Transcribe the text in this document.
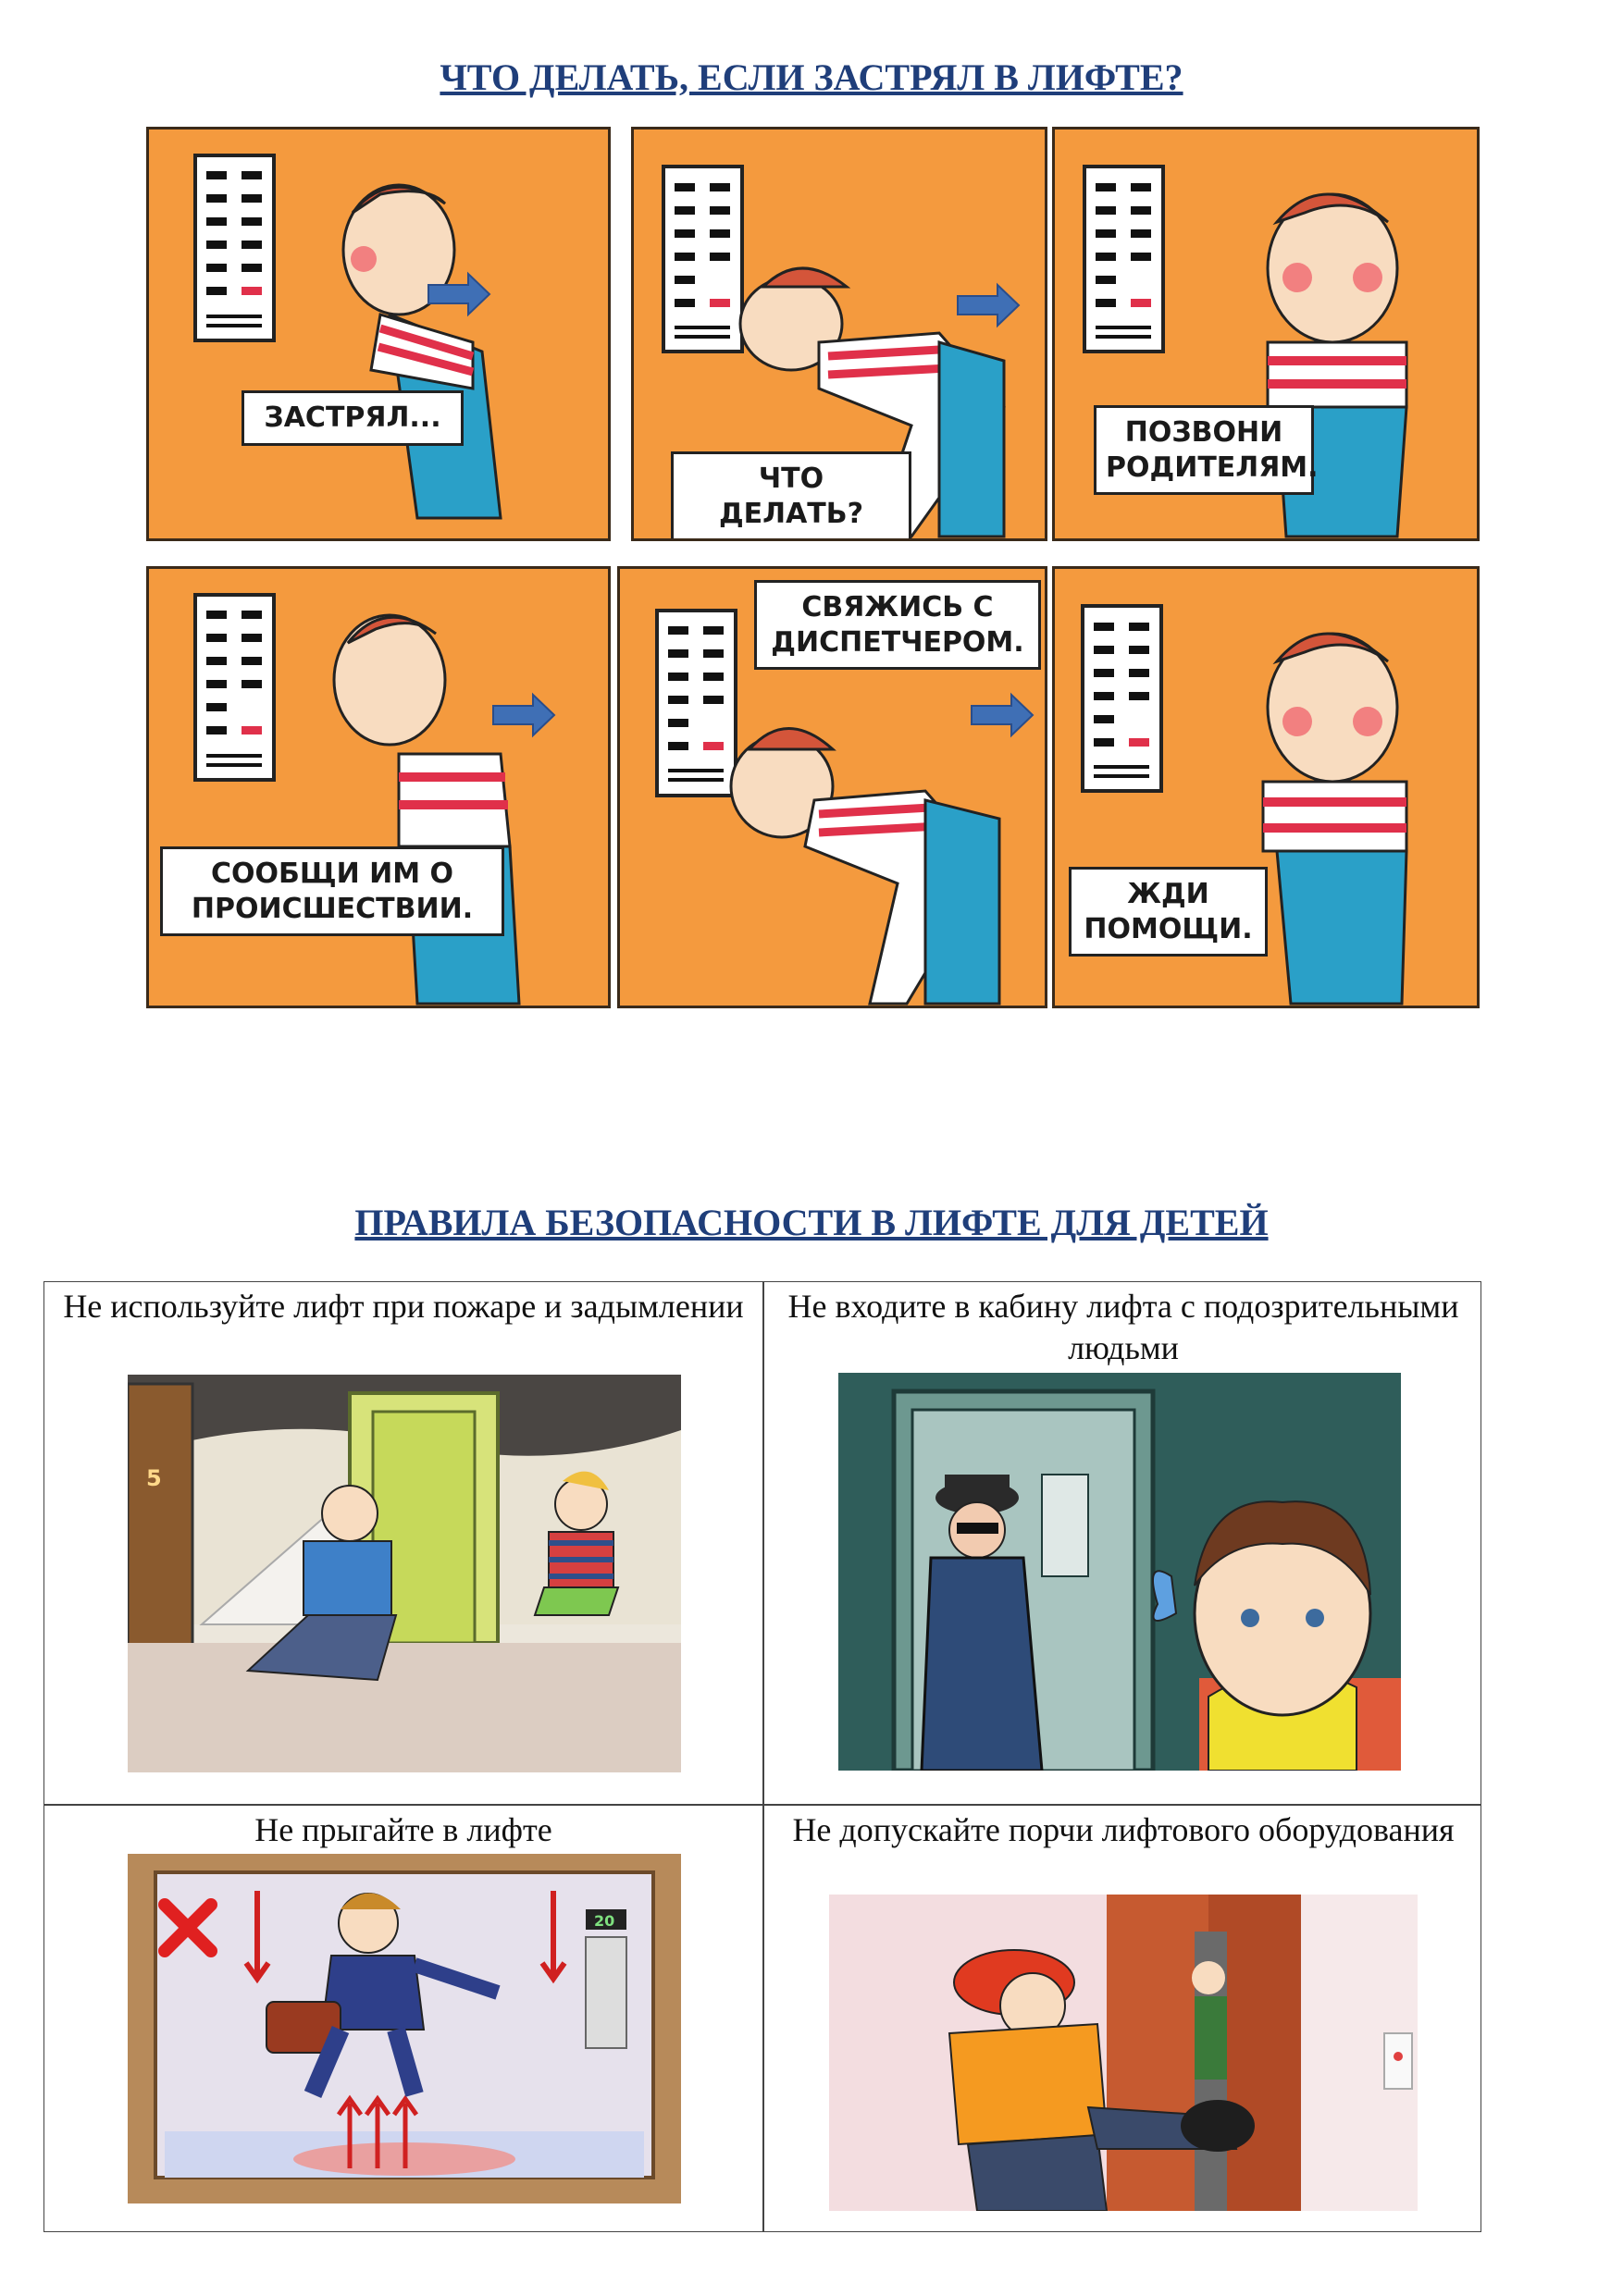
ЧТО ДЕЛАТЬ, ЕСЛИ ЗАСТРЯЛ В ЛИФТЕ?
ЗАСТРЯЛ...
ЧТО ДЕЛАТЬ?
ПОЗВОНИ РОДИТЕЛЯМ.
СООБЩИ ИМ О ПРОИСШЕСТВИИ.
СВЯЖИСЬ С ДИСПЕТЧЕРОМ.
ЖДИ ПОМОЩИ.
ПРАВИЛА БЕЗОПАСНОСТИ В ЛИФТЕ ДЛЯ ДЕТЕЙ
Не используйте лифт при пожаре и задымлении
5
Не входите в кабину лифта с подозрительными людьми
Не прыгайте в лифте
20
Не допускайте порчи лифтового оборудования
